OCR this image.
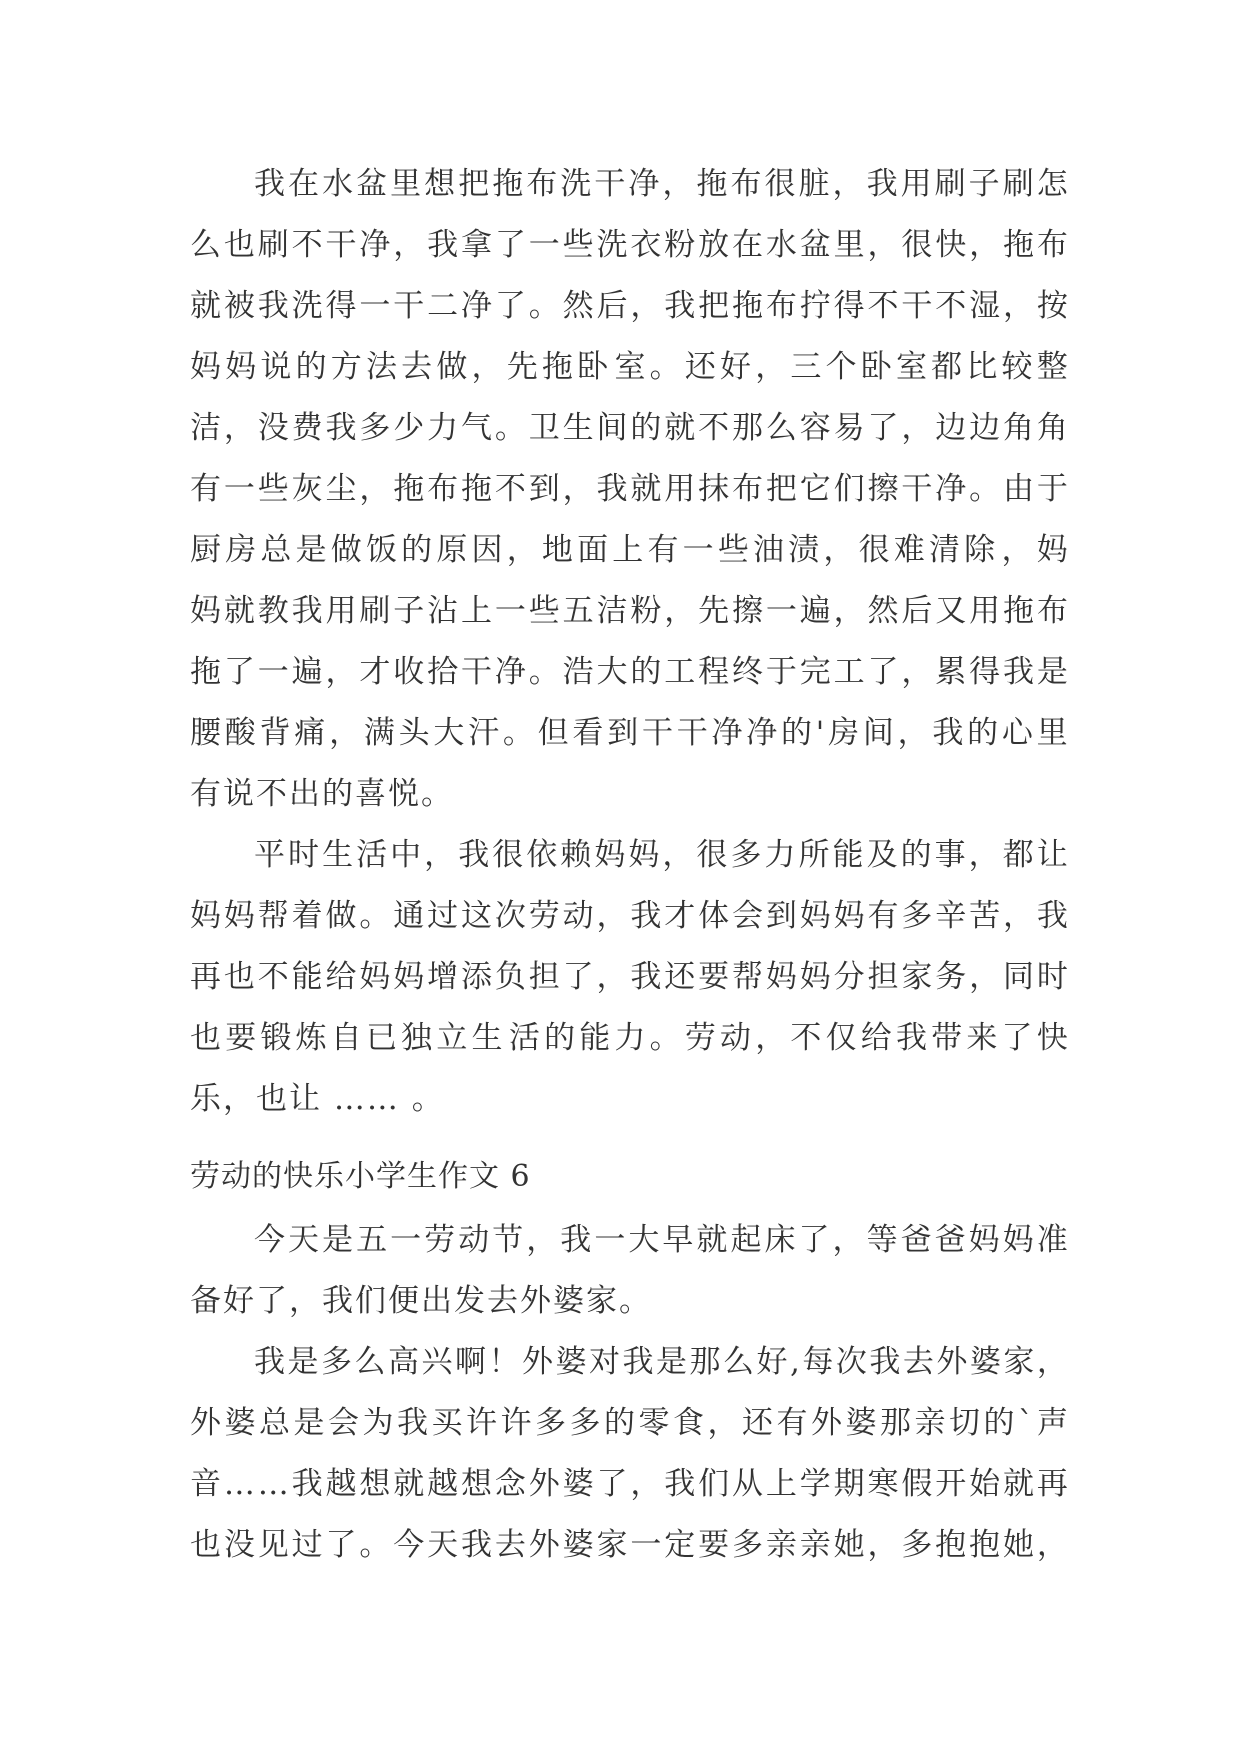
我 在 水 盆 里 想 把 拖 布 洗 干 净 ， 拖 布 很 脏 ， 我 用 刷 子 刷 怎
么 也 刷 不 干 净 ， 我 拿 了 一 些 洗 衣 粉 放 在 水 盆 里 ， 很 快 ， 拖 布
就 被 我 洗 得 一 干 二 净 了 。 然 后 ， 我 把 拖 布 拧 得 不 干 不 湿 ， 按
妈 妈 说 的 方 法 去 做 ， 先 拖 卧 室 。 还 好 ， 三 个 卧 室 都 比 较 整
洁 ， 没 费 我 多 少 力 气 。 卫 生 间 的 就 不 那 么 容 易 了 ， 边 边 角 角
有 一 些 灰 尘 ， 拖 布 拖 不 到 ， 我 就 用 抹 布 把 它 们 擦 干 净 。 由 于
厨 房 总 是 做 饭 的 原 因 ， 地 面 上 有 一 些 油 渍 ， 很 难 清 除 ， 妈
妈 就 教 我 用 刷 子 沾 上 一 些 五 洁 粉 ， 先 擦 一 遍 ， 然 后 又 用 拖 布
拖 了 一 遍 ， 才 收 拾 干 净 。 浩 大 的 工 程 终 于 完 工 了 ， 累 得 我 是
腰 酸 背 痛 ， 满 头 大 汗 。 但 看 到 干 干 净 净 的 ' 房 间 ， 我 的 心 里
有说不出的喜悦。
平 时 生 活 中 ， 我 很 依 赖 妈 妈 ， 很 多 力 所 能 及 的 事 ， 都 让
妈 妈 帮 着 做 。 通 过 这 次 劳 动 ， 我 才 体 会 到 妈 妈 有 多 辛 苦 ， 我
再 也 不 能 给 妈 妈 增 添 负 担 了 ， 我 还 要 帮 妈 妈 分 担 家 务 ， 同 时
也 要 锻 炼 自 已 独 立 生 活 的 能 力 。 劳 动 ， 不 仅 给 我 带 来 了 快
乐，也让 …… 。
劳动的快乐小学生作文 6
今 天 是 五 一 劳 动 节 ， 我 一 大 早 就 起 床 了 ， 等 爸 爸 妈 妈 准
备好了，我们便出发去外婆家。
我 是 多 么 高 兴 啊 ！ 外 婆 对 我 是 那 么 好 , 每 次 我 去 外 婆 家 ，
外 婆 总 是 会 为 我 买 许 许 多 多 的 零 食 ， 还 有 外 婆 那 亲 切 的 ` 声
音 … … 我 越 想 就 越 想 念 外 婆 了 ， 我 们 从 上 学 期 寒 假 开 始 就 再
也 没 见 过 了 。 今 天 我 去 外 婆 家 一 定 要 多 亲 亲 她 ， 多 抱 抱 她 ，
